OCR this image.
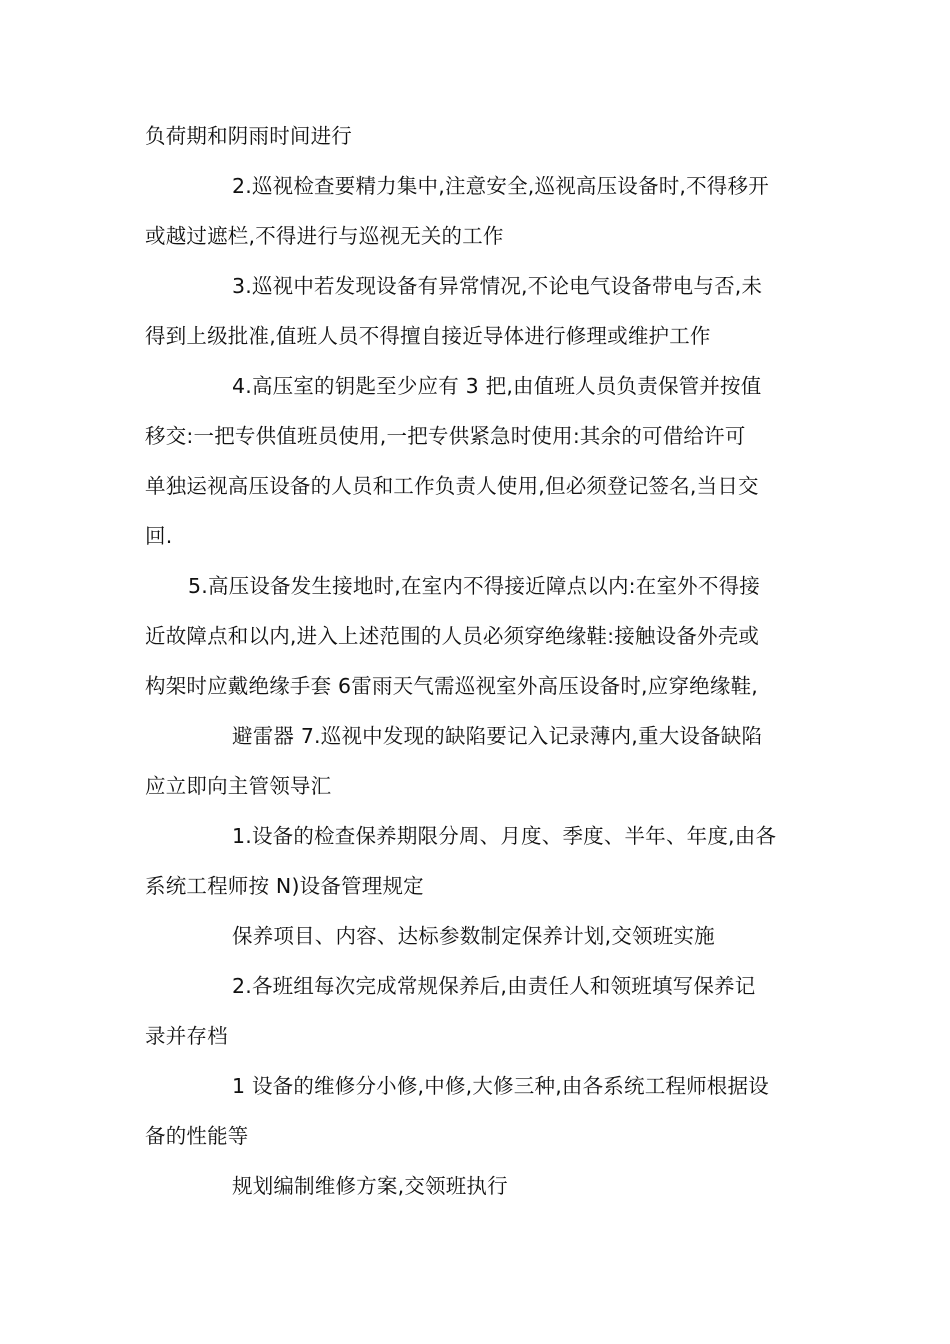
负荷期和阴雨时间进行
2.巡视检查要精力集中,注意安全,巡视高压设备时,不得移开
或越过遮栏,不得进行与巡视无关的工作
3.巡视中若发现设备有异常情况,不论电气设备带电与否,未
得到上级批准,值班人员不得擅自接近导体进行修理或维护工作
4.高压室的钥匙至少应有 3 把,由值班人员负责保管并按值
移交:一把专供值班员使用,一把专供紧急时使用:其余的可借给许可
单独运视高压设备的人员和工作负责人使用,但必须登记签名,当日交
回.
5.高压设备发生接地时,在室内不得接近障点以内:在室外不得接
近故障点和以内,进入上述范围的人员必须穿绝缘鞋:接触设备外壳或
构架时应戴绝缘手套 6雷雨天气需巡视室外高压设备时,应穿绝缘鞋,
避雷器 7.巡视中发现的缺陷要记入记录薄内,重大设备缺陷
应立即向主管领导汇
1.设备的检查保养期限分周、月度、季度、半年、年度,由各
系统工程师按 N)设备管理规定
保养项目、内容、达标参数制定保养计划,交领班实施
2.各班组每次完成常规保养后,由责任人和领班填写保养记
录并存档
1 设备的维修分小修,中修,大修三种,由各系统工程师根据设
备的性能等
规划编制维修方案,交领班执行
